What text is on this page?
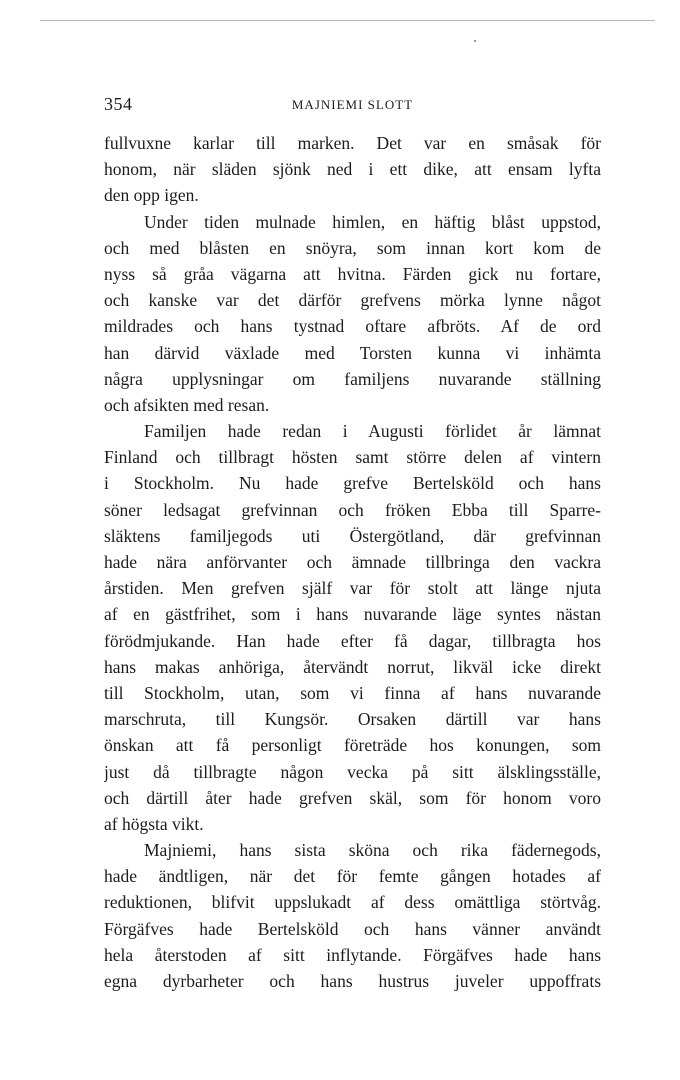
354	MAJNIEMI SLOTT
fullvuxne karlar till marken. Det var en småsak för
honom, när släden sjönk ned i ett dike, att ensam lyfta
den opp igen.
Under tiden mulnade himlen, en häftig blåst uppstod,
och med blåsten en snöyra, som innan kort kom de
nyss så gråa vägarna att hvitna. Färden gick nu fortare,
och kanske var det därför grefvens mörka lynne något
mildrades och hans tystnad oftare afbröts. Af de ord
han därvid växlade med Torsten kunna vi inhämta
några upplysningar om familjens nuvarande ställning
och afsikten med resan.
Familjen hade redan i Augusti förlidet år lämnat
Finland och tillbragt hösten samt större delen af vintern
i Stockholm. Nu hade grefve Bertelsköld och hans
söner ledsagat grefvinnan och fröken Ebba till Sparre-
släktens familjegods uti Östergötland, där grefvinnan
hade nära anförvanter och ämnade tillbringa den vackra
årstiden. Men grefven själf var för stolt att länge njuta
af en gästfrihet, som i hans nuvarande läge syntes nästan
förödmjukande. Han hade efter få dagar, tillbragta hos
hans makas anhöriga, återvändt norrut, likväl icke direkt
till Stockholm, utan, som vi finna af hans nuvarande
marschruta, till Kungsör. Orsaken därtill var hans
önskan att få personligt företräde hos konungen, som
just då tillbragte någon vecka på sitt älsklingsställe,
och därtill åter hade grefven skäl, som för honom voro
af högsta vikt.
Majniemi, hans sista sköna och rika fädernegods,
hade ändtligen, när det för femte gången hotades af
reduktionen, blifvit uppslukadt af dess omättliga störtvåg.
Förgäfves hade Bertelsköld och hans vänner användt
hela återstoden af sitt inflytande. Förgäfves hade hans
egna dyrbarheter och hans hustrus juveler uppoffrats
